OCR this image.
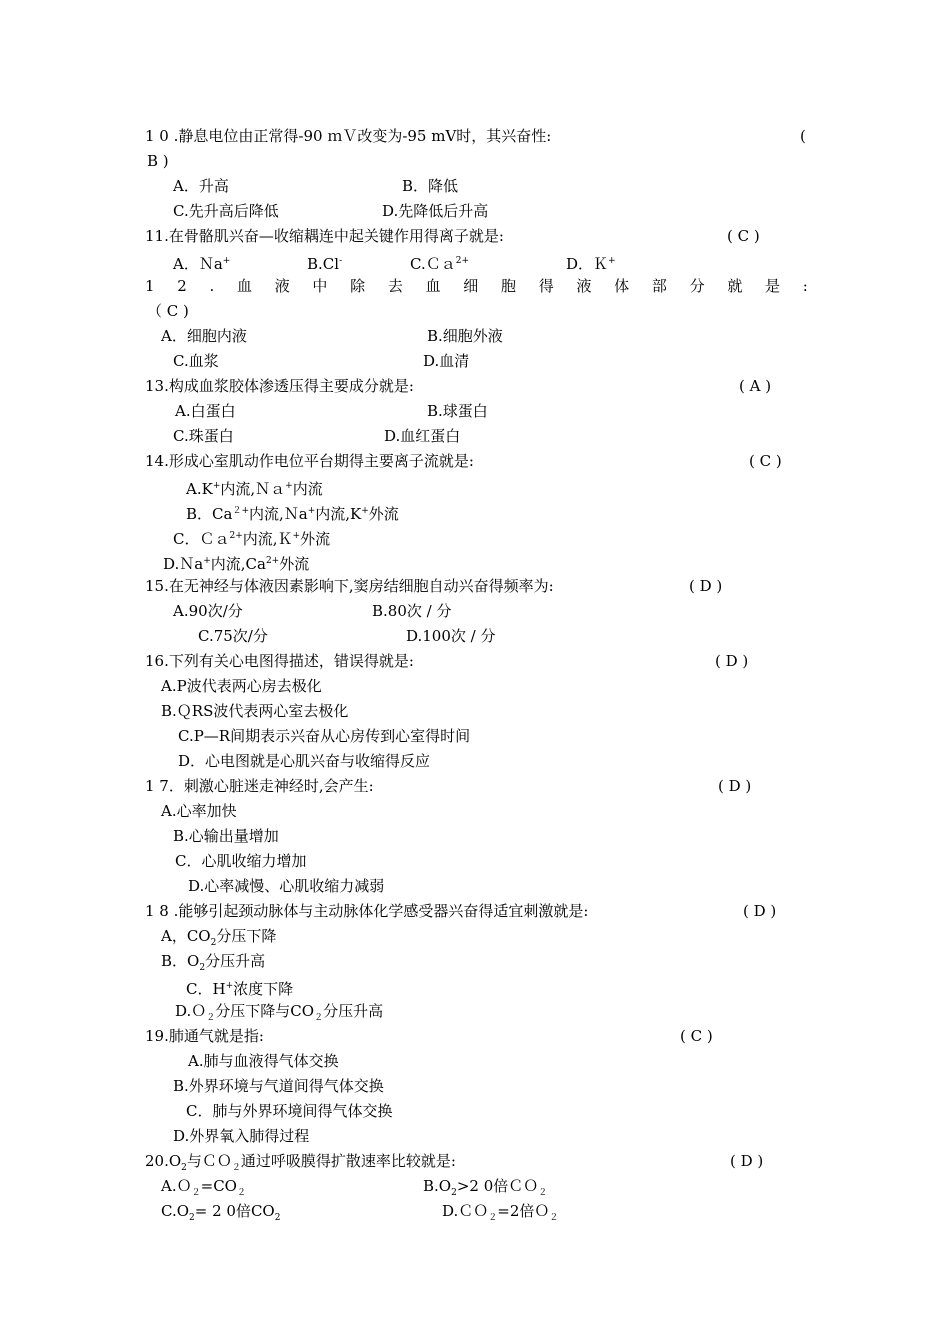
1 0 .静息电位由正常得-90 ｍＶ改变为-95 mV时，其兴奋性:	(
B )
A．升高	B．降低
C.先升高后降低	D.先降低后升高
11.在骨骼肌兴奋—收缩耦连中起关键作用得离子就是:	( C )
A．Ｎa+	B.Cl-	C.Ｃａ$^{2+}$	D．Ｋ+
1 2 . 血 液 中 除 去 血 细 胞 得 液 体 部 分 就 是 :
（ C )
A．细胞内液	B.细胞外液
C.血浆	D.血清
13.构成血浆胶体渗透压得主要成分就是:	( A )
A.白蛋白	B.球蛋白
C.珠蛋白	D.血红蛋白
14.形成心室肌动作电位平台期得主要离子流就是:	( C )
A.K+内流,Ｎａ+内流
B．$Ca^{2+}$内流,Ｎa+内流,K+外流
C．Ｃａ$^{2+}$内流,Ｋ+外流
D.Ｎa+内流$,Ca^{2+}$外流
15.在无神经与体液因素影响下,窦房结细胞自动兴奋得频率为:	( D )
A.90次/分	B.80次 / 分
C.75次/分	D.100次 / 分
16.下列有关心电图得描述，错误得就是:	( D )
A.P波代表两心房去极化
B.ＱRS波代表两心室去极化
C.P—R间期表示兴奋从心房传到心室得时间
D．心电图就是心肌兴奋与收缩得反应
1 7．刺激心脏迷走神经时,会产生:	( D )
A.心率加快
B.心输出量增加
C．心肌收缩力增加
D.心率减慢、心肌收缩力减弱
1 8 .能够引起颈动脉体与主动脉体化学感受器兴奋得适宜刺激就是:	( D )
A，$CO_2$分压下降
B．$O_2$分压升高
C．H+浓度下降
D.Ｏ$_2$分压下降与$CO_2$分压升高
19.肺通气就是指:	( C )
A.肺与血液得气体交换
B.外界环境与气道间得气体交换
C．肺与外界环境间得气体交换
D.外界氧入肺得过程
$20.O_2$与ＣＯ$_2$通过呼吸膜得扩散速率比较就是:	( D )
$A.O_2=CO_2$	$B.O_2>2$ 0倍ＣＯ$_2$
$C.O_2= 2$ 0倍$CO_2$	D.ＣＯ$_2$=2倍Ｏ$_2$
